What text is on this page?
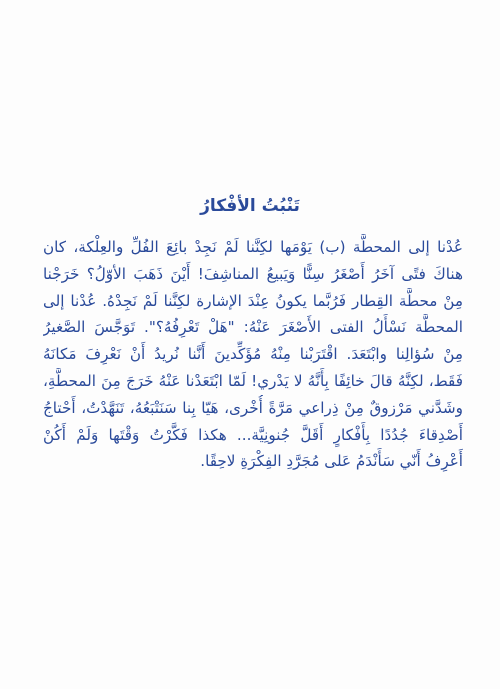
تَنْبُتُ الأفْكارُ
عُدْنا إلى المحطَّة (ب) يَوْمَها لكِنَّنا لَمْ نَجِدْ بائِعَ الفُلِّ والعِلْكة، كان
هناكَ فتًى آخَرُ أَصْغَرُ سِنًّا وَيَبيعُ المناشِفَ! أَيْنَ ذَهَبَ الأوّلُ؟ خَرَجْنا
مِنْ محطَّة القِطار فَرُبَّما يكونُ عِنْدَ الإشارة لكِنَّنا لَمْ نَجِدْهُ. عُدْنا إلى
المحطَّة نَسْأَلُ الفتى الأَصْغَرَ عَنْهُ: "هَلْ تَعْرِفُهُ؟". تَوَجَّسَ الصَّغيرُ
مِنْ سُؤالِنا وابْتَعَدَ. اقْتَرَبْنا مِنْهُ مُؤَكِّدينَ أَنَّنا نُريدُ أَنْ نَعْرِفَ مَكانَهُ
فَقَط، لكِنَّهُ قالَ خائِفًا بِأَنَّهُ لا يَدْري! لَمّا ابْتَعَدْنا عَنْهُ خَرَجَ مِنَ المحطَّةِ،
وشَدَّني مَرْزوقٌ مِنْ ذِراعي مَرَّةً أُخْرى، هَيّا بِنا سَنَتْبَعُهُ، تَنَهَّدْتُ، أَحْتاجُ
أَصْدِقاءَ جُدُدًا بِأَفْكارٍ أَقَلَّ جُنونِيَّة... هكذا فَكَّرْتُ وَقْتَها وَلَمْ أَكُنْ
أَعْرِفُ أَنّي سَأَنْدَمُ عَلى مُجَرَّدِ الفِكْرَةِ لاحِقًا.
